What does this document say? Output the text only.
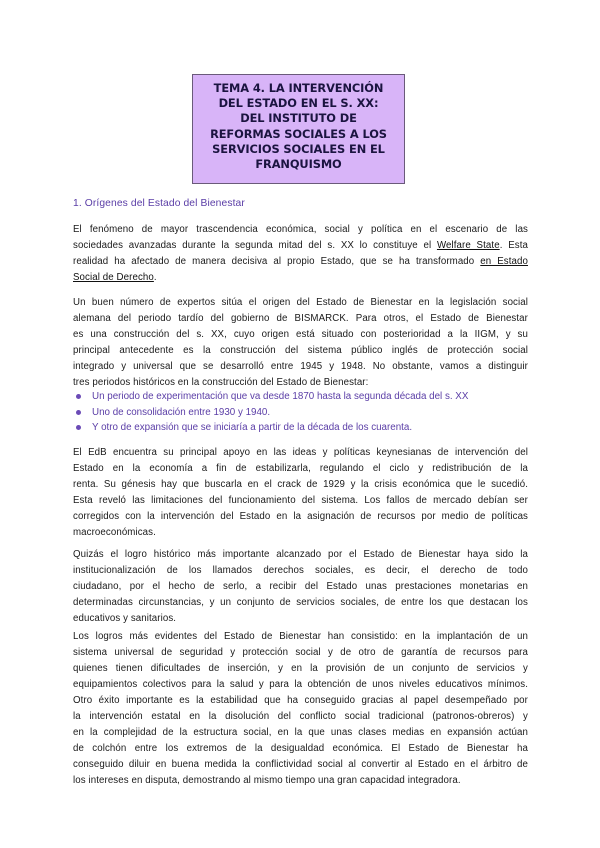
TEMA 4. LA INTERVENCIÓN
DEL ESTADO EN EL S. XX:
DEL INSTITUTO DE
REFORMAS SOCIALES A LOS
SERVICIOS SOCIALES EN EL
FRANQUISMO
1. Orígenes del Estado del Bienestar
El fenómeno de mayor trascendencia económica, social y política en el escenario de las
sociedades avanzadas durante la segunda mitad del s. XX lo constituye el Welfare State. Esta
realidad ha afectado de manera decisiva al propio Estado, que se ha transformado en Estado
Social de Derecho.
Un buen número de expertos sitúa el origen del Estado de Bienestar en la legislación social
alemana del periodo tardío del gobierno de BISMARCK. Para otros, el Estado de Bienestar
es una construcción del s. XX, cuyo origen está situado con posterioridad a la IIGM, y su
principal antecedente es la construcción del sistema público inglés de protección social
integrado y universal que se desarrolló entre 1945 y 1948. No obstante, vamos a distinguir
tres periodos históricos en la construcción del Estado de Bienestar:
Un periodo de experimentación que va desde 1870 hasta la segunda década del s. XX
Uno de consolidación entre 1930 y 1940.
Y otro de expansión que se iniciaría a partir de la década de los cuarenta.
El EdB encuentra su principal apoyo en las ideas y políticas keynesianas de intervención del
Estado en la economía a fin de estabilizarla, regulando el ciclo y redistribución de la
renta. Su génesis hay que buscarla en el crack de 1929 y la crisis económica que le sucedió.
Esta reveló las limitaciones del funcionamiento del sistema. Los fallos de mercado debían ser
corregidos con la intervención del Estado en la asignación de recursos por medio de políticas
macroeconómicas.
Quizás el logro histórico más importante alcanzado por el Estado de Bienestar haya sido la
institucionalización de los llamados derechos sociales, es decir, el derecho de todo
ciudadano, por el hecho de serlo, a recibir del Estado unas prestaciones monetarias en
determinadas circunstancias, y un conjunto de servicios sociales, de entre los que destacan los
educativos y sanitarios.
Los logros más evidentes del Estado de Bienestar han consistido: en la implantación de un
sistema universal de seguridad y protección social y de otro de garantía de recursos para
quienes tienen dificultades de inserción, y en la provisión de un conjunto de servicios y
equipamientos colectivos para la salud y para la obtención de unos niveles educativos mínimos.
Otro éxito importante es la estabilidad que ha conseguido gracias al papel desempeñado por
la intervención estatal en la disolución del conflicto social tradicional (patronos-obreros) y
en la complejidad de la estructura social, en la que unas clases medias en expansión actúan
de colchón entre los extremos de la desigualdad económica. El Estado de Bienestar ha
conseguido diluir en buena medida la conflictividad social al convertir al Estado en el árbitro de
los intereses en disputa, demostrando al mismo tiempo una gran capacidad integradora.
